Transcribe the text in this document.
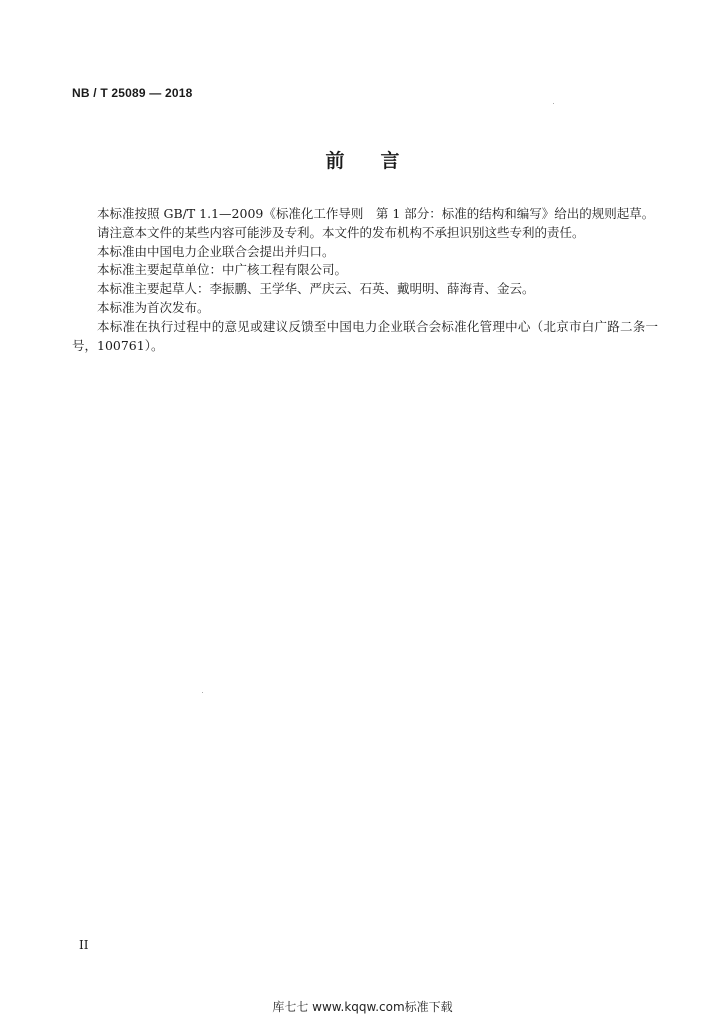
NB / T 25089 — 2018
前言

本标准按照 GB/T 1.1—2009《标准化工作导则　第 1 部分：标准的结构和编写》给出的规则起草。

请注意本文件的某些内容可能涉及专利。本文件的发布机构不承担识别这些专利的责任。

本标准由中国电力企业联合会提出并归口。

本标准主要起草单位：中广核工程有限公司。

本标准主要起草人：李振鹏、王学华、严庆云、石英、戴明明、薛海青、金云。

本标准为首次发布。

本标准在执行过程中的意见或建议反馈至中国电力企业联合会标准化管理中心（北京市白广路二条一号，100761）。

II
库七七 www.kqqw.com标准下载
